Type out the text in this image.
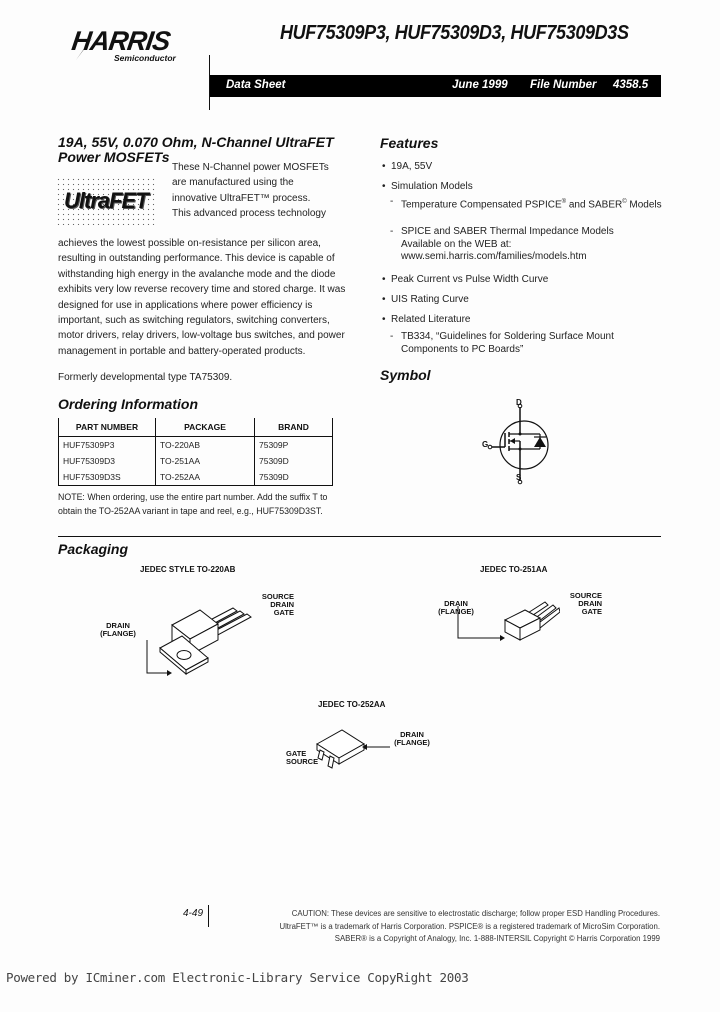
HARRIS
Semiconductor
HUF75309P3, HUF75309D3, HUF75309D3S
Data Sheet	June 1999 File Number 4358.5
19A, 55V, 0.070 Ohm, N-Channel UltraFET Power MOSFETs
UltraFET
These N-Channel power MOSFETs
are manufactured using the
innovative UltraFET™ process.
This advanced process technology
achieves the lowest possible on-resistance per silicon area, resulting in outstanding performance. This device is capable of withstanding high energy in the avalanche mode and the diode exhibits very low reverse recovery time and stored charge. It was designed for use in applications where power efficiency is important, such as switching regulators, switching converters, motor drivers, relay drivers, low-voltage bus switches, and power management in portable and battery-operated products.
Formerly developmental type TA75309.
Ordering Information
PART NUMBER	PACKAGE	BRAND
HUF75309P3	TO-220AB	75309P
HUF75309D3	TO-251AA	75309D
HUF75309D3S	TO-252AA	75309D
NOTE: When ordering, use the entire part number. Add the suffix T to obtain the TO-252AA variant in tape and reel, e.g., HUF75309D3ST.
Features
• 19A, 55V
• Simulation Models
- Temperature Compensated PSPICE® and SABER© Models
- SPICE and SABER Thermal Impedance Models Available on the WEB at:
www.semi.harris.com/families/models.htm
• Peak Current vs Pulse Width Curve
• UIS Rating Curve
• Related Literature
- TB334, “Guidelines for Soldering Surface Mount Components to PC Boards”
Symbol
D
G
S
Packaging
JEDEC STYLE TO-220AB
SOURCE
DRAIN
GATE
DRAIN
(FLANGE)
JEDEC TO-251AA
SOURCE
DRAIN
GATE
DRAIN
(FLANGE)
JEDEC TO-252AA
GATE
SOURCE
DRAIN
(FLANGE)
4-49	CAUTION: These devices are sensitive to electrostatic discharge; follow proper ESD Handling Procedures.
UltraFET™ is a trademark of Harris Corporation. PSPICE® is a registered trademark of MicroSim Corporation.
SABER® is a Copyright of Analogy, Inc. 1-888-INTERSIL Copyright © Harris Corporation 1999
Powered by ICminer.com Electronic-Library Service CopyRight 2003
